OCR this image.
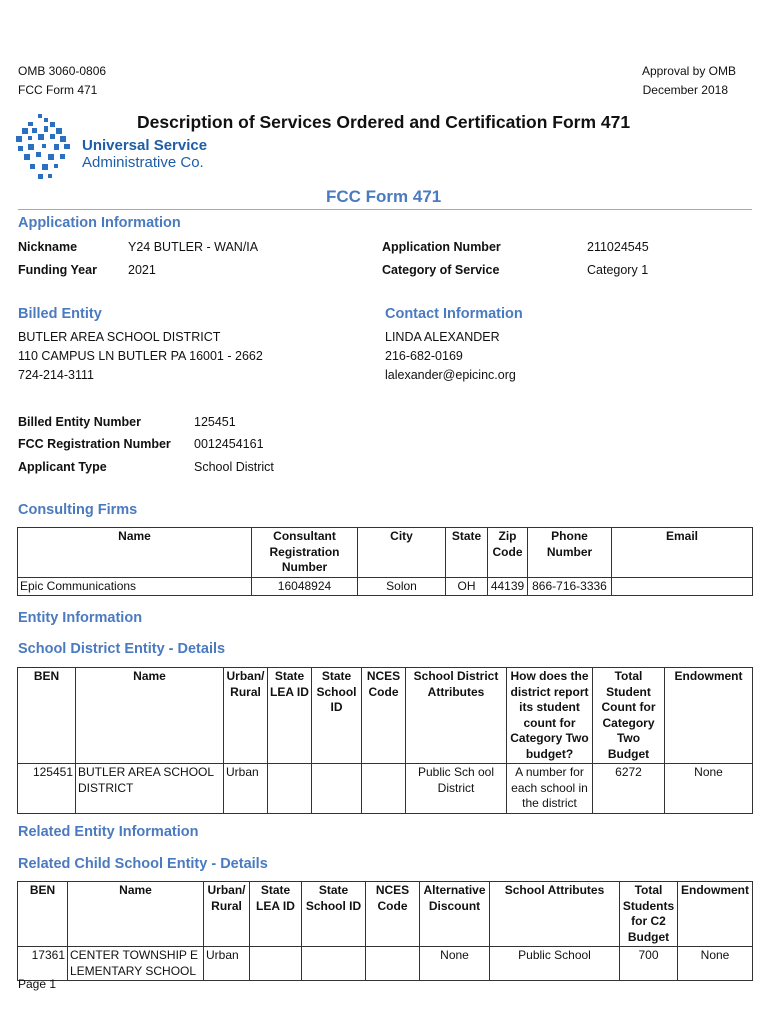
OMB 3060-0806
FCC Form 471
Approval by OMB
December 2018
Universal Service
Administrative Co.
Description of Services Ordered and Certification Form 471
FCC Form 471
Application Information
Nickname	Y24 BUTLER - WAN/IA
Funding Year 2021
Application Number	211024545
Category of Service	Category 1
Billed Entity
BUTLER AREA SCHOOL DISTRICT
110 CAMPUS LN BUTLER PA 16001 - 2662
724-214-3111
Contact Information
LINDA ALEXANDER
216-682-0169
lalexander@epicinc.org
Billed Entity Number	125451
FCC Registration Number 0012454161
Applicant Type	School District
Consulting Firms
Name	Consultant Registration Number	City	State	Zip Code	Phone Number	Email
Epic Communications	16048924	Solon	OH	44139	866-716-3336	
Entity Information
School District Entity - Details
BEN	Name	Urban/ Rural	State LEA ID	State School ID	NCES Code	School District Attributes	How does the district report its student count for Category Two budget?	Total Student Count for Category Two Budget	Endowment
125451	BUTLER AREA SCHOOL DISTRICT	Urban				Public Sch ool District	A number for each school in the district	6272	None
Related Entity Information
Related Child School Entity - Details
BEN	Name	Urban/ Rural	State LEA ID	State School ID	NCES Code	Alternative Discount	School Attributes	Total Students for C2 Budget	Endowment
17361	CENTER TOWNSHIP E LEMENTARY SCHOOL	Urban				None	Public School	700	None
Page 1
